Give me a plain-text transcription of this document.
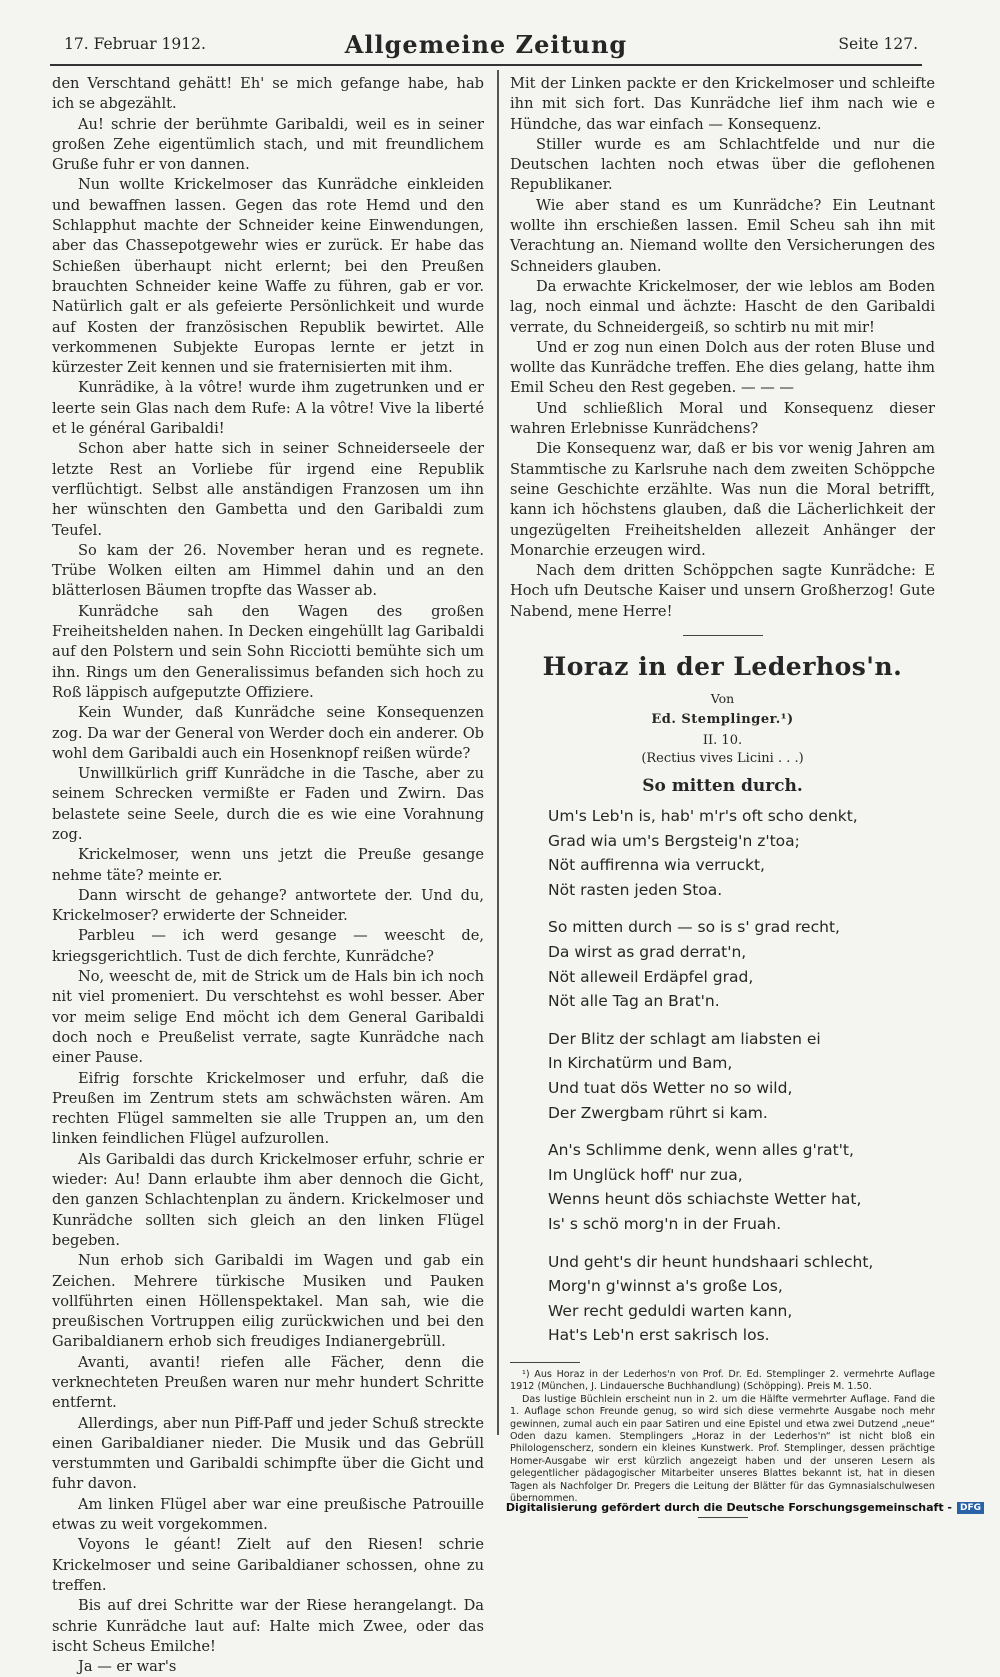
17. Februar 1912.	Allgemeine Zeitung	Seite 127.

den Verschtand gehätt! Eh' se mich gefange habe, hab ich se abgezählt.

Au! schrie der berühmte Garibaldi, weil es in seiner großen Zehe eigentümlich stach, und mit freundlichem Gruße fuhr er von dannen.

Nun wollte Krickelmoser das Kunrädche einkleiden und bewaffnen lassen. Gegen das rote Hemd und den Schlapphut machte der Schneider keine Einwendungen, aber das Chassepotgewehr wies er zurück. Er habe das Schießen überhaupt nicht erlernt; bei den Preußen brauchten Schneider keine Waffe zu führen, gab er vor. Natürlich galt er als gefeierte Persönlichkeit und wurde auf Kosten der französischen Republik bewirtet. Alle verkommenen Subjekte Europas lernte er jetzt in kürzester Zeit kennen und sie fraternisierten mit ihm.

Kunrädike, à la vôtre! wurde ihm zugetrunken und er leerte sein Glas nach dem Rufe: A la vôtre! Vive la liberté et le général Garibaldi!

Schon aber hatte sich in seiner Schneiderseele der letzte Rest an Vorliebe für irgend eine Republik verflüchtigt. Selbst alle anständigen Franzosen um ihn her wünschten den Gambetta und den Garibaldi zum Teufel.

So kam der 26. November heran und es regnete. Trübe Wolken eilten am Himmel dahin und an den blätterlosen Bäumen tropfte das Wasser ab.

Kunrädche sah den Wagen des großen Freiheitshelden nahen. In Decken eingehüllt lag Garibaldi auf den Polstern und sein Sohn Ricciotti bemühte sich um ihn. Rings um den Generalissimus befanden sich hoch zu Roß läppisch aufgeputzte Offiziere.

Kein Wunder, daß Kunrädche seine Konsequenzen zog. Da war der General von Werder doch ein anderer. Ob wohl dem Garibaldi auch ein Hosenknopf reißen würde?

Unwillkürlich griff Kunrädche in die Tasche, aber zu seinem Schrecken vermißte er Faden und Zwirn. Das belastete seine Seele, durch die es wie eine Vorahnung zog.

Krickelmoser, wenn uns jetzt die Preuße gesange nehme täte? meinte er.

Dann wirscht de gehange? antwortete der. Und du, Krickelmoser? erwiderte der Schneider.

Parbleu — ich werd gesange — weescht de, kriegsgerichtlich. Tust de dich ferchte, Kunrädche?

No, weescht de, mit de Strick um de Hals bin ich noch nit viel promeniert. Du verschtehst es wohl besser. Aber vor meim selige End möcht ich dem General Garibaldi doch noch e Preußelist verrate, sagte Kunrädche nach einer Pause.

Eifrig forschte Krickelmoser und erfuhr, daß die Preußen im Zentrum stets am schwächsten wären. Am rechten Flügel sammelten sie alle Truppen an, um den linken feindlichen Flügel aufzurollen.

Als Garibaldi das durch Krickelmoser erfuhr, schrie er wieder: Au! Dann erlaubte ihm aber dennoch die Gicht, den ganzen Schlachtenplan zu ändern. Krickelmoser und Kunrädche sollten sich gleich an den linken Flügel begeben.

Nun erhob sich Garibaldi im Wagen und gab ein Zeichen. Mehrere türkische Musiken und Pauken vollführten einen Höllenspektakel. Man sah, wie die preußischen Vortruppen eilig zurückwichen und bei den Garibaldianern erhob sich freudiges Indianergebrüll.

Avanti, avanti! riefen alle Fächer, denn die verknechteten Preußen waren nur mehr hundert Schritte entfernt.

Allerdings, aber nun Piff-Paff und jeder Schuß streckte einen Garibaldianer nieder. Die Musik und das Gebrüll verstummten und Garibaldi schimpfte über die Gicht und fuhr davon.

Am linken Flügel aber war eine preußische Patrouille etwas zu weit vorgekommen.

Voyons le géant! Zielt auf den Riesen! schrie Krickelmoser und seine Garibaldianer schossen, ohne zu treffen.

Bis auf drei Schritte war der Riese herangelangt. Da schrie Kunrädche laut auf: Halte mich Zwee, oder das ischt Scheus Emilche!

Ja — er war's

Mit der Linken packte er den Krickelmoser und schleifte ihn mit sich fort. Das Kunrädche lief ihm nach wie e Hündche, das war einfach — Konsequenz.

Stiller wurde es am Schlachtfelde und nur die Deutschen lachten noch etwas über die geflohenen Republikaner.

Wie aber stand es um Kunrädche? Ein Leutnant wollte ihn erschießen lassen. Emil Scheu sah ihn mit Verachtung an. Niemand wollte den Versicherungen des Schneiders glauben.

Da erwachte Krickelmoser, der wie leblos am Boden lag, noch einmal und ächzte: Hascht de den Garibaldi verrate, du Schneidergeiß, so schtirb nu mit mir!

Und er zog nun einen Dolch aus der roten Bluse und wollte das Kunrädche treffen. Ehe dies gelang, hatte ihm Emil Scheu den Rest gegeben. — — —

Und schließlich Moral und Konsequenz dieser wahren Erlebnisse Kunrädchens?

Die Konsequenz war, daß er bis vor wenig Jahren am Stammtische zu Karlsruhe nach dem zweiten Schöppche seine Geschichte erzählte. Was nun die Moral betrifft, kann ich höchstens glauben, daß die Lächerlichkeit der ungezügelten Freiheitshelden allezeit Anhänger der Monarchie erzeugen wird.

Nach dem dritten Schöppchen sagte Kunrädche: E Hoch ufn Deutsche Kaiser und unsern Großherzog! Gute Nabend, mene Herre!

Horaz in der Lederhos'n.
Von
Ed. Stemplinger.¹)
II. 10.
(Rectius vives Licini . . .)
So mitten durch.
Um's Leb'n is, hab' m'r's oft scho denkt,
Grad wia um's Bergsteig'n z'toa;
Nöt auffirenna wia verruckt,
Nöt rasten jeden Stoa.
So mitten durch — so is s' grad recht,
Da wirst as grad derrat'n,
Nöt alleweil Erdäpfel grad,
Nöt alle Tag an Brat'n.
Der Blitz der schlagt am liabsten ei
In Kirchatürm und Bam,
Und tuat dös Wetter no so wild,
Der Zwergbam rührt si kam.
An's Schlimme denk, wenn alles g'rat't,
Im Unglück hoff' nur zua,
Wenns heunt dös schiachste Wetter hat,
Is' s schö morg'n in der Fruah.
Und geht's dir heunt hundshaari schlecht,
Morg'n g'winnst a's große Los,
Wer recht geduldi warten kann,
Hat's Leb'n erst sakrisch los.

¹) Aus Horaz in der Lederhos'n von Prof. Dr. Ed. Stemplinger 2. vermehrte Auflage 1912 (München, J. Lindauersche Buchhandlung) (Schöpping). Preis M. 1.50.

Das lustige Büchlein erscheint nun in 2. um die Hälfte vermehrter Auflage. Fand die 1. Auflage schon Freunde genug, so wird sich diese vermehrte Ausgabe noch mehr gewinnen, zumal auch ein paar Satiren und eine Epistel und etwa zwei Dutzend „neue“ Oden dazu kamen. Stemplingers „Horaz in der Lederhos'n“ ist nicht bloß ein Philologenscherz, sondern ein kleines Kunstwerk. Prof. Stemplinger, dessen prächtige Homer-Ausgabe wir erst kürzlich angezeigt haben und der unseren Lesern als gelegentlicher pädagogischer Mitarbeiter unseres Blattes bekannt ist, hat in diesen Tagen als Nachfolger Dr. Pregers die Leitung der Blätter für das Gymnasialschulwesen übernommen.

Digitalisierung gefördert durch die Deutsche Forschungsgemeinschaft - DFG
